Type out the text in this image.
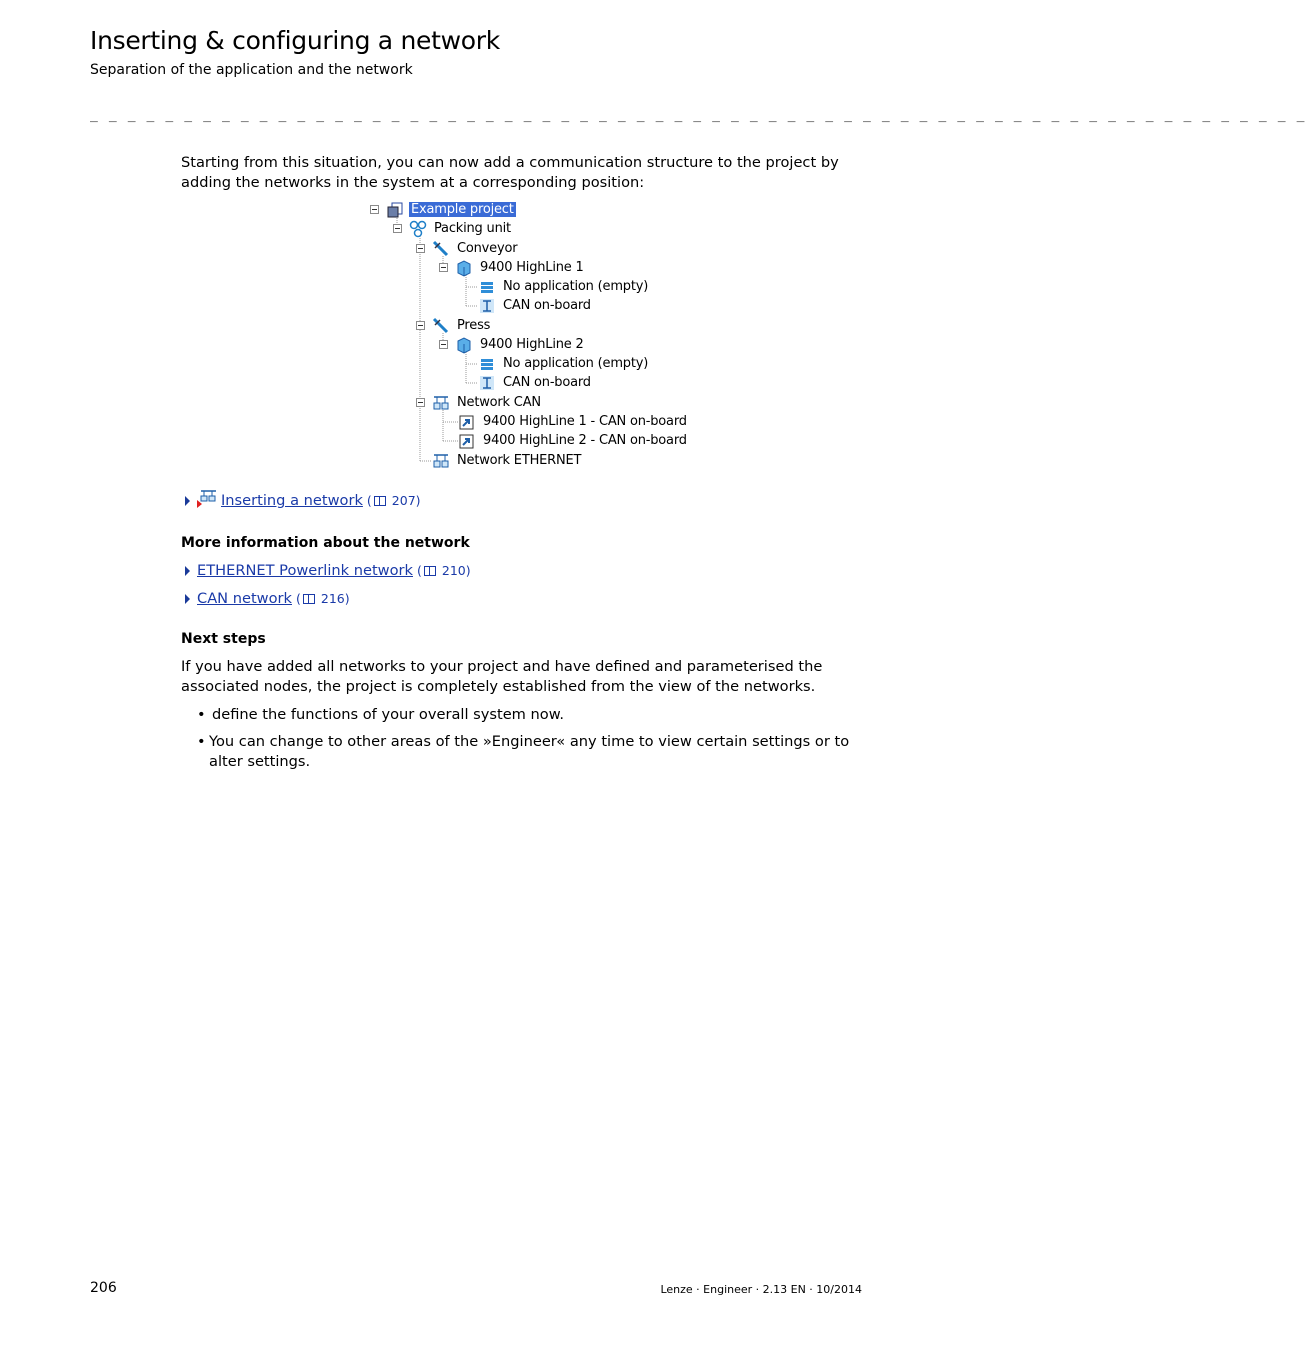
Inserting & configuring a network
Separation of the application and the network
_ _ _ _ _ _ _ _ _ _ _ _ _ _ _ _ _ _ _ _ _ _ _ _ _ _ _ _ _ _ _ _ _ _ _ _ _ _ _ _ _ _ _ _ _ _ _ _ _ _ _ _ _ _ _ _ _ _ _ _ _ _ _ _ _
Starting from this situation, you can now add a communication structure to the project by adding the networks in the system at a corresponding position:
Example project
Packing unit
Conveyor
9400 HighLine 1
No application (empty)
CAN on-board
Press
9400 HighLine 2
No application (empty)
CAN on-board
Network CAN
9400 HighLine 1 - CAN on-board
9400 HighLine 2 - CAN on-board
Network ETHERNET
Inserting a network ( 207)
More information about the network
ETHERNET Powerlink network ( 210)
CAN network ( 216)
Next steps
If you have added all networks to your project and have defined and parameterised the associated nodes, the project is completely established from the view of the networks.
• define the functions of your overall system now.
• You can change to other areas of the »Engineer« any time to view certain settings or to alter settings.
206	Lenze · Engineer · 2.13 EN · 10/2014
